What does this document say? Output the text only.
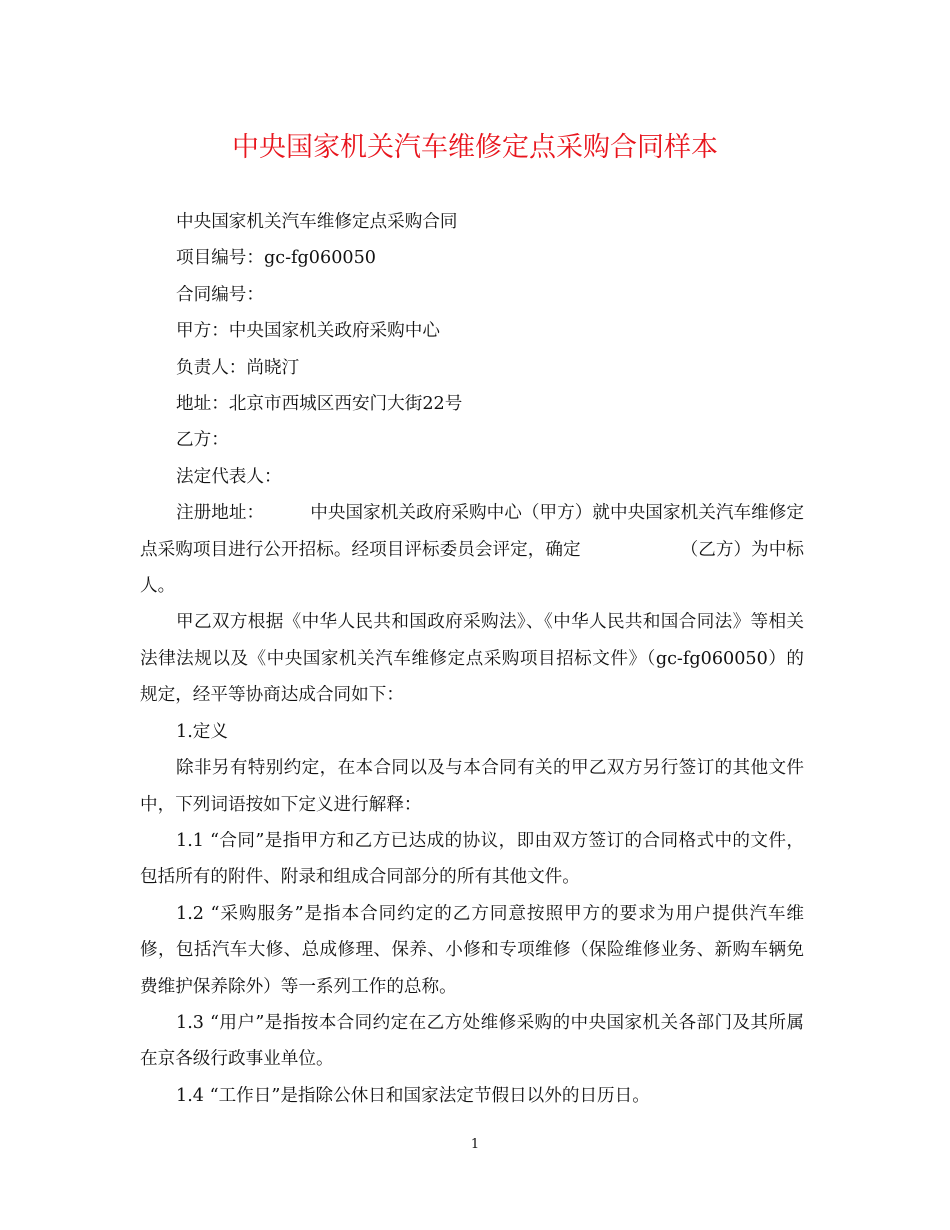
中央国家机关汽车维修定点采购合同样本

中央国家机关汽车维修定点采购合同

项目编号：gc-fg060050

合同编号：

甲方：中央国家机关政府采购中心

负责人：尚晓汀

地址：北京市西城区西安门大街22号

乙方：

法定代表人：

注册地址：	中央国家机关政府采购中心（甲方）就中央国家机关汽车维修定点采购项目进行公开招标。经项目评标委员会评定，确定	（乙方）为中标人。

甲乙双方根据《中华人民共和国政府采购法》、《中华人民共和国合同法》等相关法律法规以及《中央国家机关汽车维修定点采购项目招标文件》（gc-fg060050）的规定，经平等协商达成合同如下：

1.定义

除非另有特别约定，在本合同以及与本合同有关的甲乙双方另行签订的其他文件中，下列词语按如下定义进行解释：

1.1 “合同”是指甲方和乙方已达成的协议，即由双方签订的合同格式中的文件，包括所有的附件、附录和组成合同部分的所有其他文件。

1.2 “采购服务”是指本合同约定的乙方同意按照甲方的要求为用户提供汽车维修，包括汽车大修、总成修理、保养、小修和专项维修（保险维修业务、新购车辆免费维护保养除外）等一系列工作的总称。

1.3 “用户”是指按本合同约定在乙方处维修采购的中央国家机关各部门及其所属在京各级行政事业单位。

1.4 “工作日”是指除公休日和国家法定节假日以外的日历日。

1
